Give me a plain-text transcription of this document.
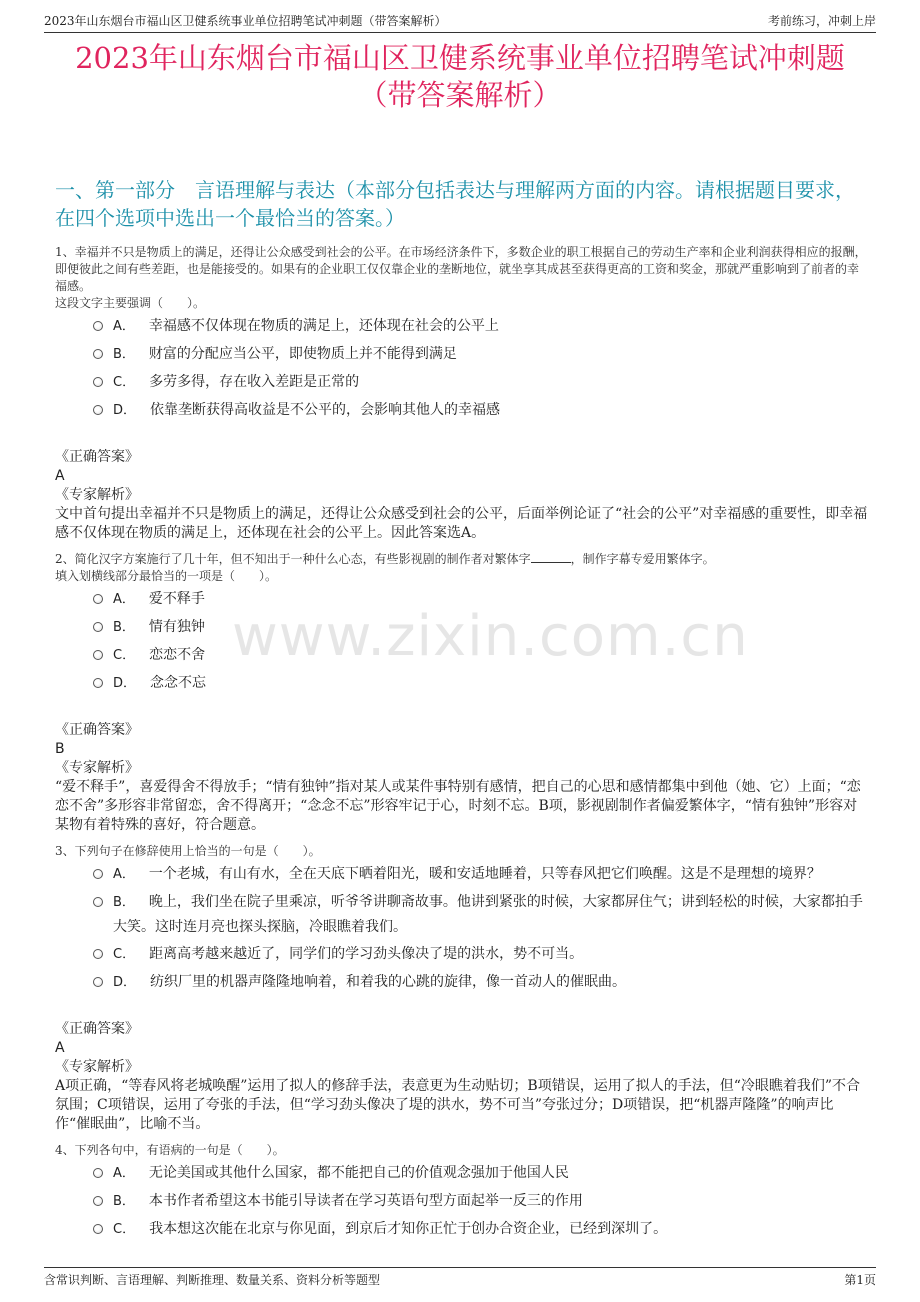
2023年山东烟台市福山区卫健系统事业单位招聘笔试冲刺题（带答案解析）	考前练习，冲刺上岸
2023年山东烟台市福山区卫健系统事业单位招聘笔试冲刺题
（带答案解析）
一、第一部分　言语理解与表达（本部分包括表达与理解两方面的内容。请根据题目要求，在四个选项中选出一个最恰当的答案。）
www.zixin.com.cn
1、幸福并不只是物质上的满足，还得让公众感受到社会的公平。在市场经济条件下，多数企业的职工根据自己的劳动生产率和企业利润获得相应的报酬，即便彼此之间有些差距，也是能接受的。如果有的企业职工仅仅靠企业的垄断地位，就坐享其成甚至获得更高的工资和奖金，那就严重影响到了前者的幸福感。
这段文字主要强调（　　）。
A． 幸福感不仅体现在物质的满足上，还体现在社会的公平上
B． 财富的分配应当公平，即使物质上并不能得到满足
C． 多劳多得，存在收入差距是正常的
D． 依靠垄断获得高收益是不公平的，会影响其他人的幸福感
《正确答案》
A
《专家解析》
文中首句提出幸福并不只是物质上的满足，还得让公众感受到社会的公平，后面举例论证了“社会的公平”对幸福感的重要性，即幸福感不仅体现在物质的满足上，还体现在社会的公平上。因此答案选A。
2、简化汉字方案施行了几十年，但不知出于一种什么心态，有些影视剧的制作者对繁体字	，制作字幕专爱用繁体字。
填入划横线部分最恰当的一项是（　　）。
A． 爱不释手
B． 情有独钟
C． 恋恋不舍
D． 念念不忘
《正确答案》
B
《专家解析》
“爱不释手”，喜爱得舍不得放手；“情有独钟”指对某人或某件事特别有感情，把自己的心思和感情都集中到他（她、它）上面；“恋恋不舍”多形容非常留恋，舍不得离开；“念念不忘”形容牢记于心，时刻不忘。B项，影视剧制作者偏爱繁体字，“情有独钟”形容对某物有着特殊的喜好，符合题意。
3、下列句子在修辞使用上恰当的一句是（　　）。
A． 一个老城，有山有水，全在天底下晒着阳光，暖和安适地睡着，只等春风把它们唤醒。这是不是理想的境界？
B． 晚上，我们坐在院子里乘凉，听爷爷讲聊斋故事。他讲到紧张的时候，大家都屏住气；讲到轻松的时候，大家都拍手大笑。这时连月亮也探头探脑，冷眼瞧着我们。
C． 距离高考越来越近了，同学们的学习劲头像决了堤的洪水，势不可当。
D． 纺织厂里的机器声隆隆地响着，和着我的心跳的旋律，像一首动人的催眠曲。
《正确答案》
A
《专家解析》
A项正确，“等春风将老城唤醒”运用了拟人的修辞手法，表意更为生动贴切；B项错误，运用了拟人的手法，但“冷眼瞧着我们”不合氛围；C项错误，运用了夸张的手法，但“学习劲头像决了堤的洪水，势不可当”夸张过分；D项错误，把“机器声隆隆”的响声比作“催眠曲”，比喻不当。
4、下列各句中，有语病的一句是（　　）。
A． 无论美国或其他什么国家，都不能把自己的价值观念强加于他国人民
B． 本书作者希望这本书能引导读者在学习英语句型方面起举一反三的作用
C． 我本想这次能在北京与你见面，到京后才知你正忙于创办合资企业，已经到深圳了。
含常识判断、言语理解、判断推理、数量关系、资料分析等题型	第1页
